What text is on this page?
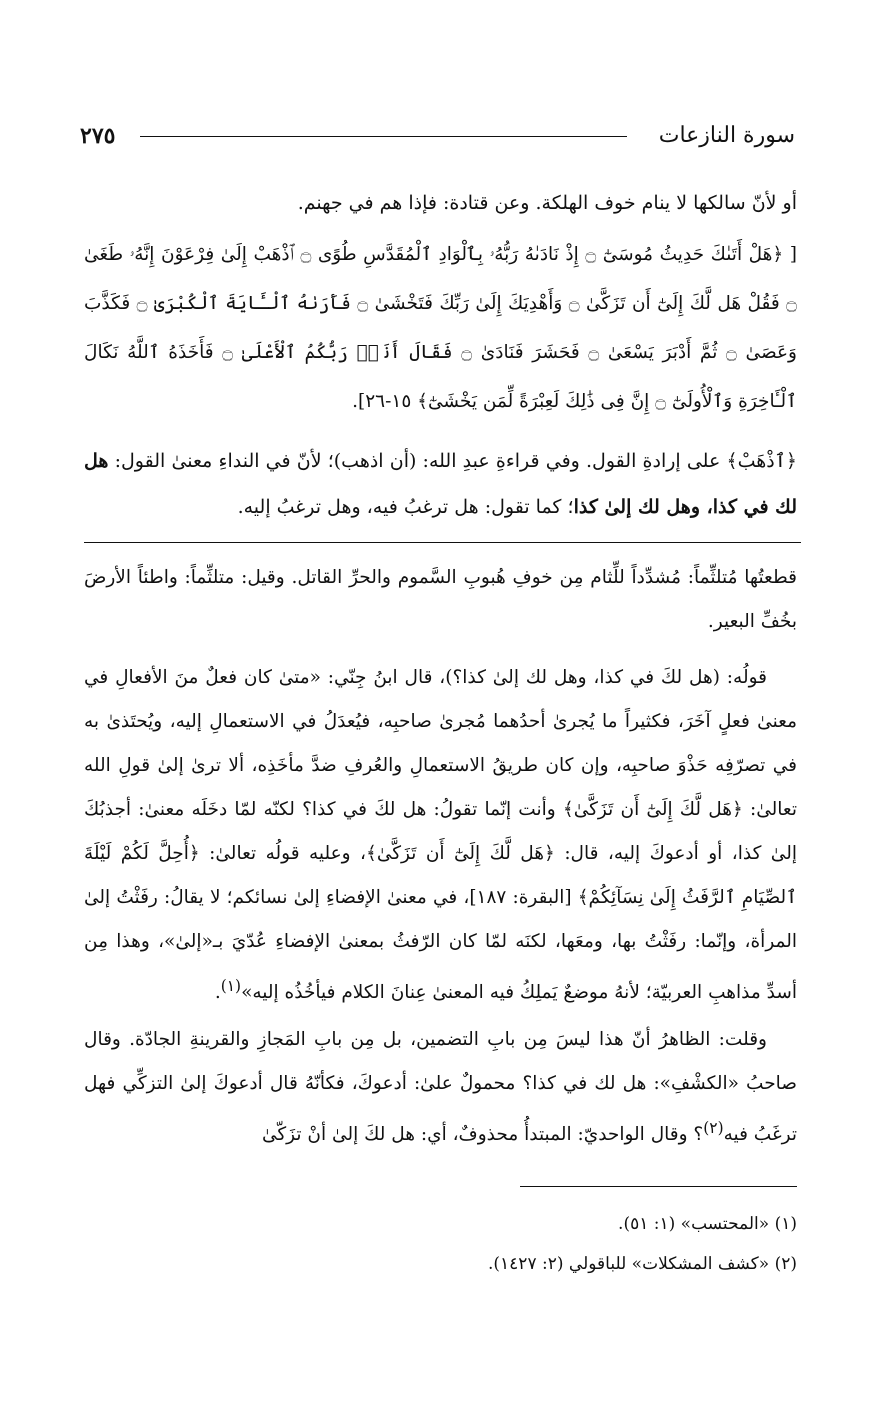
سورة النازعات
٢٧٥
أو لأنّ سالكها لا ينام خوف الهلكة. وعن قتادة: فإذا هم في جهنم.
[ ﴿هَلْ أَتَىٰكَ حَدِيثُ مُوسَىٰٓ ۝ إِذْ نَادَىٰهُ رَبُّهُۥ بِٱلْوَادِ ٱلْمُقَدَّسِ طُوًى ۝ ٱذْهَبْ إِلَىٰ فِرْعَوْنَ إِنَّهُۥ طَغَىٰ ۝ فَقُلْ هَل لَّكَ إِلَىٰٓ أَن تَزَكَّىٰ ۝ وَأَهْدِيَكَ إِلَىٰ رَبِّكَ فَتَخْشَىٰ ۝ فَأَرَىٰهُ ٱلْـَٔايَةَ ٱلْكُبْرَىٰ ۝ فَكَذَّبَ وَعَصَىٰ ۝ ثُمَّ أَدْبَرَ يَسْعَىٰ ۝ فَحَشَرَ فَنَادَىٰ ۝ فَقَالَ أَنَا۠ رَبُّكُمُ ٱلْأَعْلَىٰ ۝ فَأَخَذَهُ ٱللَّهُ نَكَالَ ٱلْـَٔاخِرَةِ وَٱلْأُولَىٰٓ ۝ إِنَّ فِى ذَٰلِكَ لَعِبْرَةً لِّمَن يَخْشَىٰٓ﴾ ١٥-٢٦].
﴿ٱذْهَبْ﴾ على إرادةِ القول. وفي قراءةِ عبدِ الله: (أن اذهب)؛ لأنّ في النداءِ معنىٰ القول: هل لك في كذا، وهل لك إلىٰ كذا؛ كما تقول: هل ترغبُ فيه، وهل ترغبُ إليه.
قطعتُها مُتلثِّماً: مُشدِّداً للِّثام مِن خوفِ هُبوبِ السَّموم والحرِّ القاتل. وقيل: متلثِّماً: واطئاً الأرضَ بخُفِّ البعير.
قولُه: (هل لكَ في كذا، وهل لك إلىٰ كذا؟)، قال ابنُ جِنّي: «متىٰ كان فعلٌ منَ الأفعالِ في معنىٰ فعلٍ آخَرَ، فكثيراً ما يُجرىٰ أحدُهما مُجرىٰ صاحبِه، فيُعدَلُ في الاستعمالِ إليه، ويُحتَذىٰ به في تصرّفِه حَذْوَ صاحبِه، وإن كان طريقُ الاستعمالِ والعُرفِ ضدَّ مأخَذِه، ألا ترىٰ إلىٰ قولِ الله تعالىٰ: ﴿هَل لَّكَ إِلَىٰٓ أَن تَزَكَّىٰ﴾ وأنت إنّما تقولُ: هل لكَ في كذا؟ لكنّه لمّا دخَلَه معنىٰ: أجذبُكَ إلىٰ كذا، أو أدعوكَ إليه، قال: ﴿هَل لَّكَ إِلَىٰٓ أَن تَزَكَّىٰ﴾، وعليه قولُه تعالىٰ: ﴿أُحِلَّ لَكُمْ لَيْلَةَ ٱلصِّيَامِ ٱلرَّفَثُ إِلَىٰ نِسَآئِكُمْ﴾ [البقرة: ١٨٧]، في معنىٰ الإفضاءِ إلىٰ نسائكم؛ لا يقالُ: رفَثْتُ إلىٰ المرأة، وإنّما: رفَثْتُ بها، ومعَها، لكنَه لمّا كان الرّفثُ بمعنىٰ الإفضاءِ عُدّيَ بـ«إلىٰ»، وهذا مِن أسدِّ مذاهبِ العربيّة؛ لأنهُ موضعٌ يَملِكُ فيه المعنىٰ عِنانَ الكلام فيأخُذُه إليه»$^{(١)}$.
وقلت: الظاهرُ أنّ هذا ليسَ مِن بابِ التضمين، بل مِن بابِ المَجازِ والقرينةِ الجادّة. وقال صاحبُ «الكشْفِ»: هل لك في كذا؟ محمولٌ علىٰ: أدعوكَ، فكأنّهُ قال أدعوكَ إلىٰ التزكِّي فهل ترغَبُ فيه$^{(٢)}$؟ وقال الواحديّ: المبتدأُ محذوفٌ، أي: هل لكَ إلىٰ أنْ تزَكّىٰ
(١) «المحتسب» (١: ٥١).
(٢) «كشف المشكلات» للباقولي (٢: ١٤٢٧).
